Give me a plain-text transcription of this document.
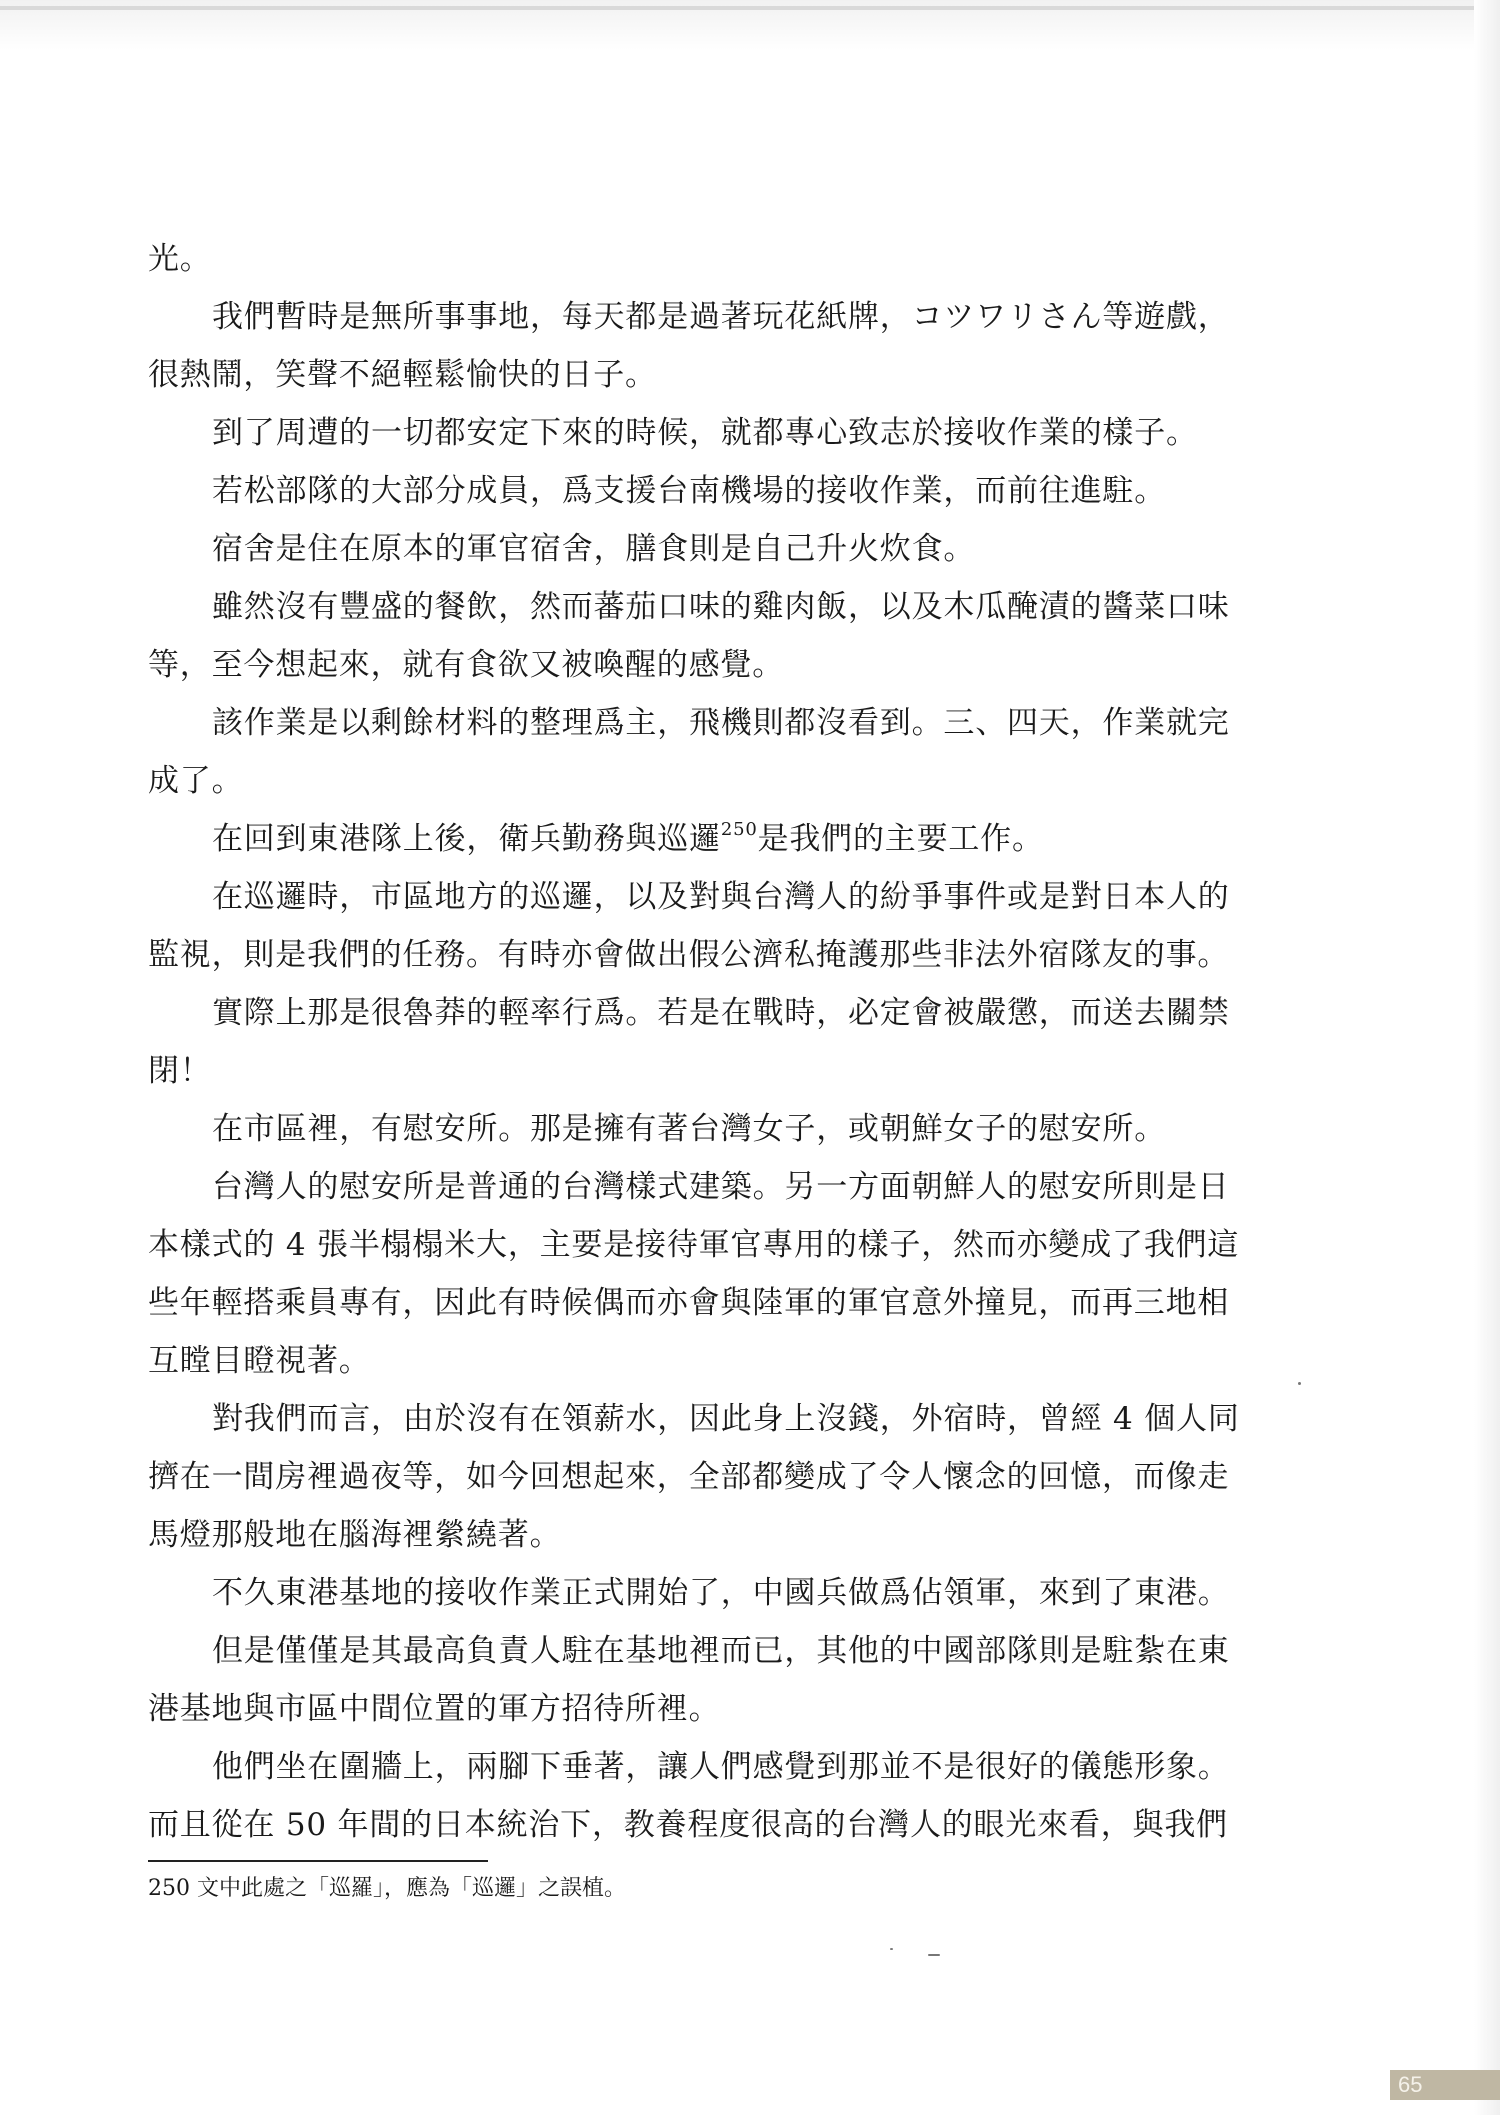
光。
我們暫時是無所事事地，每天都是過著玩花紙牌，コツワリさん等遊戲，
很熱鬧，笑聲不絕輕鬆愉快的日子。
到了周遭的一切都安定下來的時候，就都專心致志於接收作業的樣子。
若松部隊的大部分成員，爲支援台南機場的接收作業，而前往進駐。
宿舍是住在原本的軍官宿舍，膳食則是自己升火炊食。
雖然沒有豐盛的餐飲，然而蕃茄口味的雞肉飯，以及木瓜醃漬的醬菜口味
等，至今想起來，就有食欲又被喚醒的感覺。
該作業是以剩餘材料的整理爲主，飛機則都沒看到。三、四天，作業就完
成了。
在回到東港隊上後，衛兵勤務與巡邏$^{250}$是我們的主要工作。
在巡邏時，市區地方的巡邏，以及對與台灣人的紛爭事件或是對日本人的
監視，則是我們的任務。有時亦會做出假公濟私掩護那些非法外宿隊友的事。
實際上那是很魯莽的輕率行爲。若是在戰時，必定會被嚴懲，而送去關禁
閉！
在市區裡，有慰安所。那是擁有著台灣女子，或朝鮮女子的慰安所。
台灣人的慰安所是普通的台灣樣式建築。另一方面朝鮮人的慰安所則是日
本樣式的 4 張半榻榻米大，主要是接待軍官專用的樣子，然而亦變成了我們這
些年輕搭乘員專有，因此有時候偶而亦會與陸軍的軍官意外撞見，而再三地相
互瞠目瞪視著。
對我們而言，由於沒有在領薪水，因此身上沒錢，外宿時，曾經 4 個人同
擠在一間房裡過夜等，如今回想起來，全部都變成了令人懷念的回憶，而像走
馬燈那般地在腦海裡縈繞著。
不久東港基地的接收作業正式開始了，中國兵做爲佔領軍，來到了東港。
但是僅僅是其最高負責人駐在基地裡而已，其他的中國部隊則是駐紮在東
港基地與市區中間位置的軍方招待所裡。
他們坐在圍牆上，兩腳下垂著，讓人們感覺到那並不是很好的儀態形象。
而且從在 50 年間的日本統治下，教養程度很高的台灣人的眼光來看，與我們
250 文中此處之「巡羅」，應為「巡邏」之誤植。
65
